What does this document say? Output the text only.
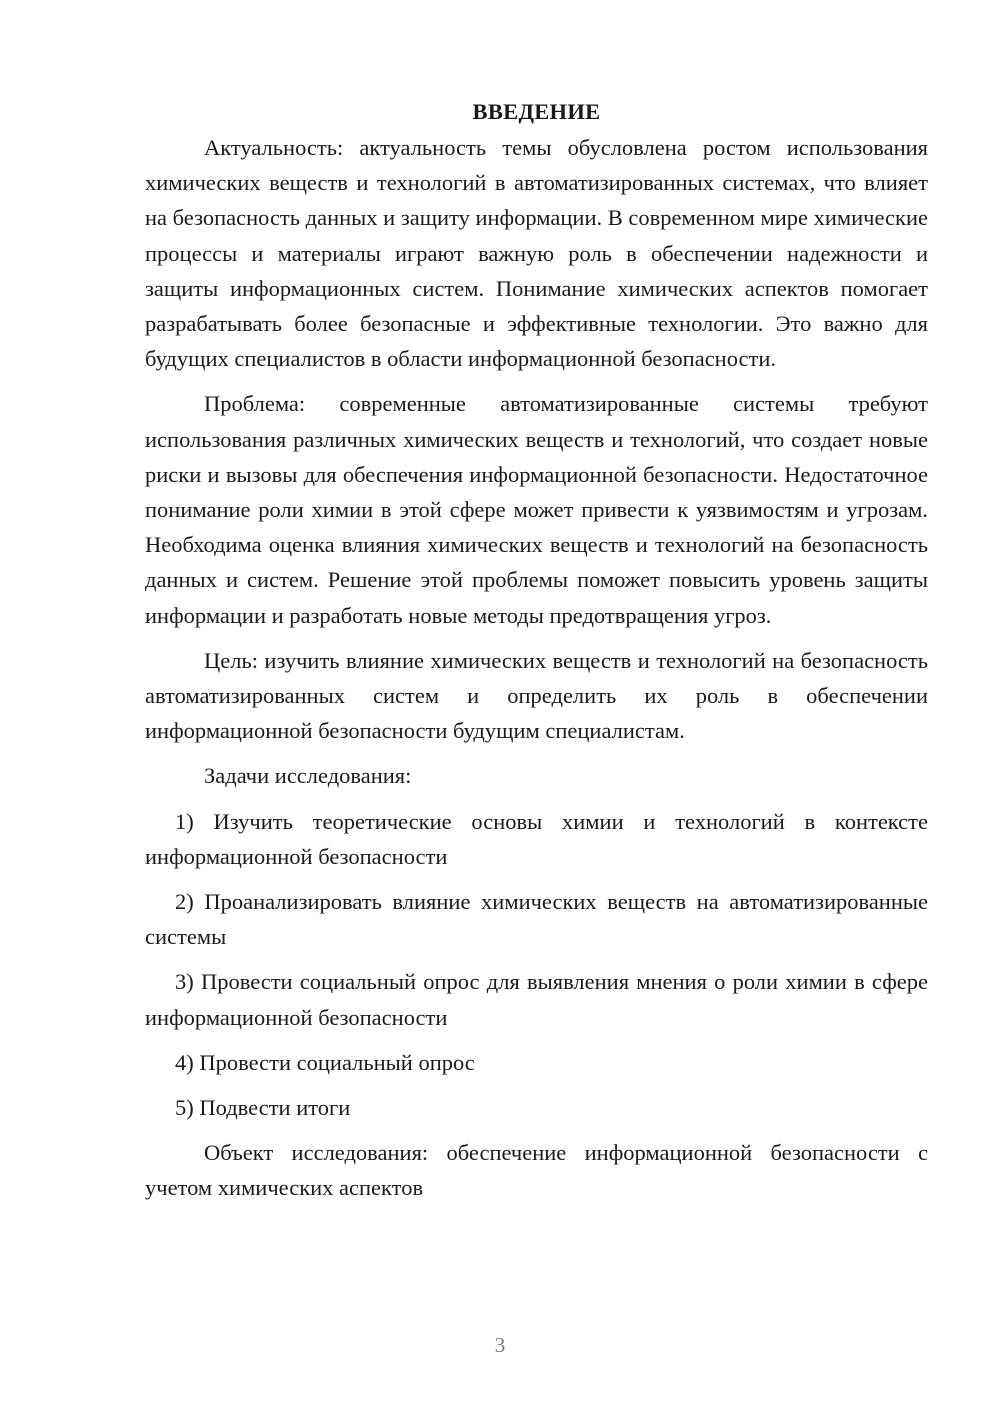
ВВЕДЕНИЕ

Актуальность: актуальность темы обусловлена ростом использования химических веществ и технологий в автоматизированных системах, что влияет на безопасность данных и защиту информации. В современном мире химические процессы и материалы играют важную роль в обеспечении надежности и защиты информационных систем. Понимание химических аспектов помогает разрабатывать более безопасные и эффективные технологии. Это важно для будущих специалистов в области информационной безопасности.

Проблема: современные автоматизированные системы требуют использования различных химических веществ и технологий, что создает новые риски и вызовы для обеспечения информационной безопасности. Недостаточное понимание роли химии в этой сфере может привести к уязвимостям и угрозам. Необходима оценка влияния химических веществ и технологий на безопасность данных и систем. Решение этой проблемы поможет повысить уровень защиты информации и разработать новые методы предотвращения угроз.

Цель: изучить влияние химических веществ и технологий на безопасность автоматизированных систем и определить их роль в обеспечении информационной безопасности будущим специалистам.

Задачи исследования:

1) Изучить теоретические основы химии и технологий в контексте информационной безопасности

2) Проанализировать влияние химических веществ на автоматизированные системы

3) Провести социальный опрос для выявления мнения о роли химии в сфере информационной безопасности

4) Провести социальный опрос

5) Подвести итоги

Объект исследования: обеспечение информационной безопасности с учетом химических аспектов

3
